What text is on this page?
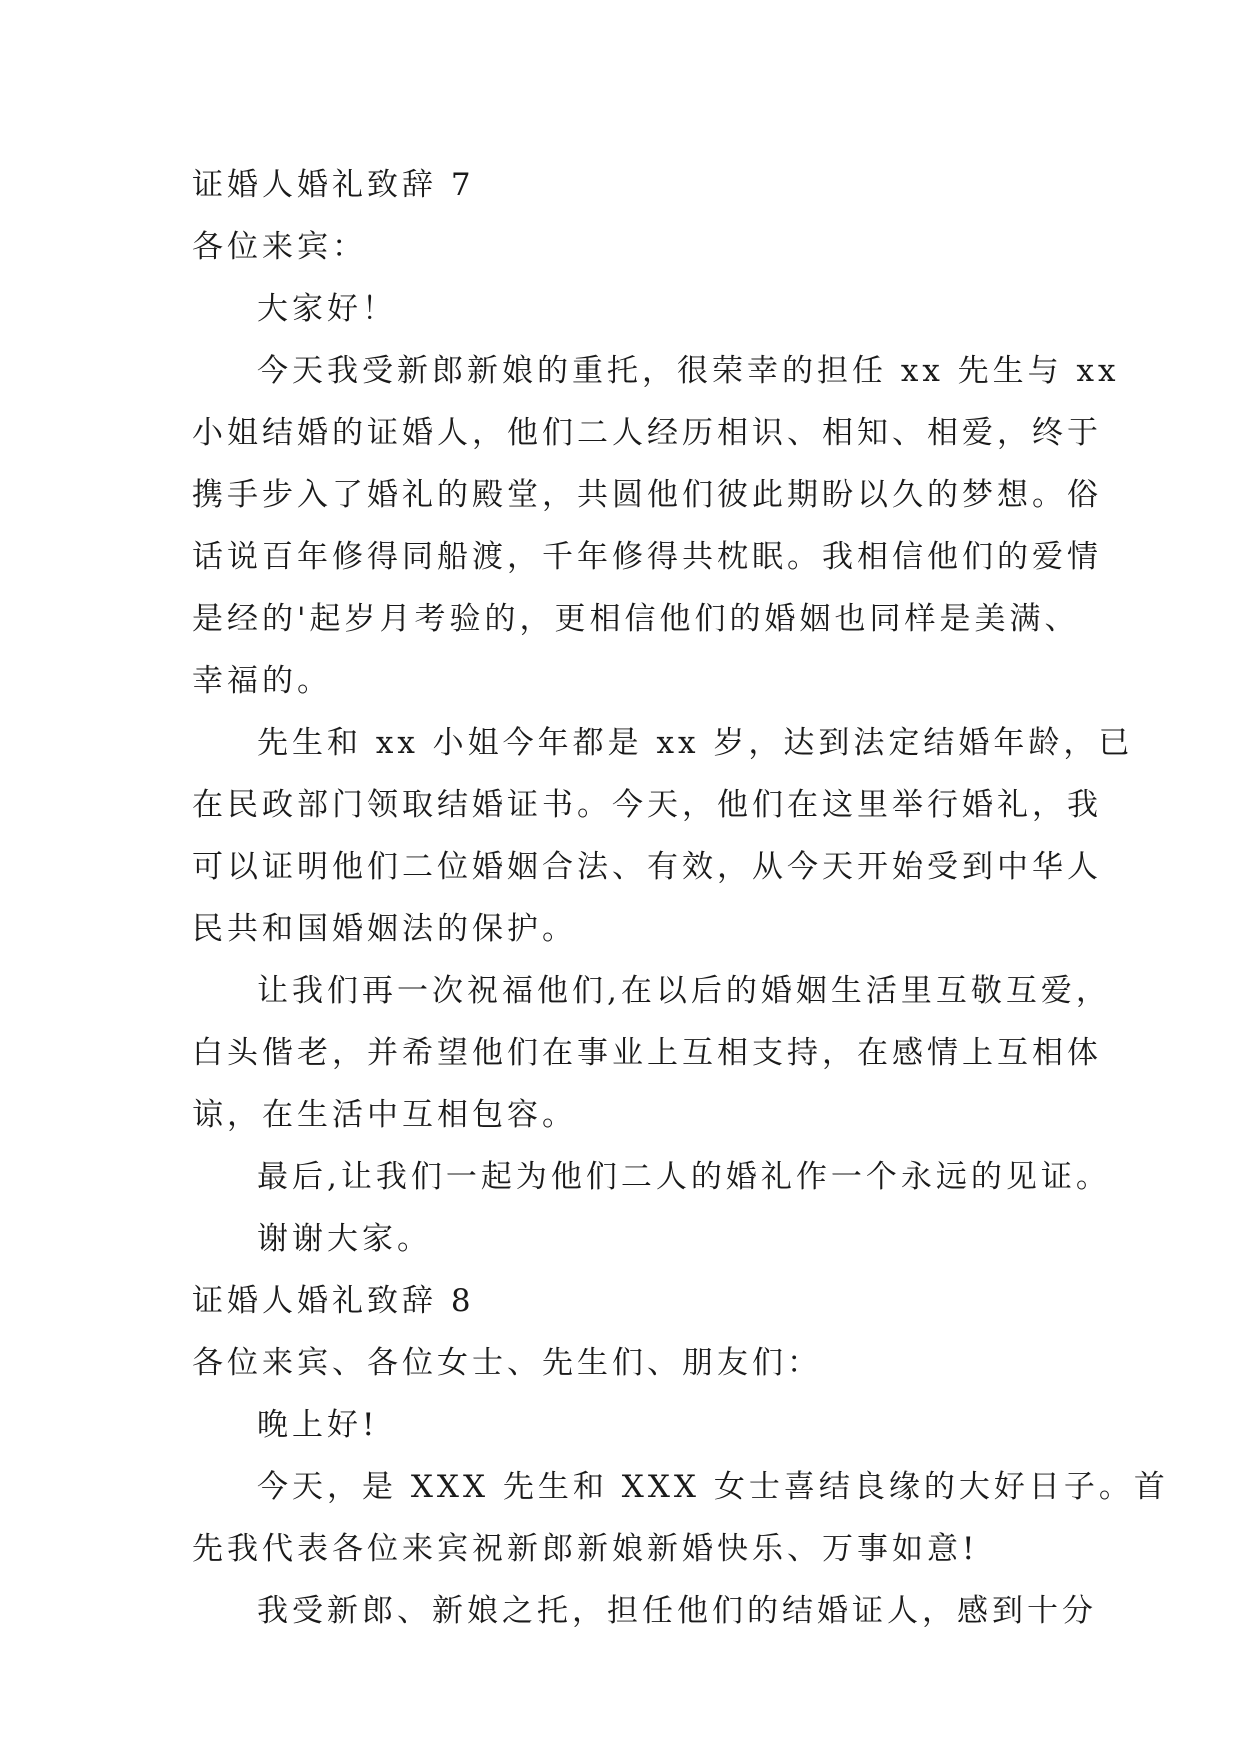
证婚人婚礼致辞 7
各位来宾：
大家好！
今天我受新郎新娘的重托，很荣幸的担任 xx 先生与 xx
小姐结婚的证婚人，他们二人经历相识、相知、相爱，终于
携手步入了婚礼的殿堂，共圆他们彼此期盼以久的梦想。俗
话说百年修得同船渡，千年修得共枕眠。我相信他们的爱情
是经的'起岁月考验的，更相信他们的婚姻也同样是美满、
幸福的。
先生和 xx 小姐今年都是 xx 岁，达到法定结婚年龄，已
在民政部门领取结婚证书。今天，他们在这里举行婚礼，我
可以证明他们二位婚姻合法、有效，从今天开始受到中华人
民共和国婚姻法的保护。
让我们再一次祝福他们,在以后的婚姻生活里互敬互爱，
白头偕老，并希望他们在事业上互相支持，在感情上互相体
谅，在生活中互相包容。
最后,让我们一起为他们二人的婚礼作一个永远的见证。
谢谢大家。
证婚人婚礼致辞 8
各位来宾、各位女士、先生们、朋友们：
晚上好!
今天，是 XXX 先生和 XXX 女士喜结良缘的大好日子。首
先我代表各位来宾祝新郎新娘新婚快乐、万事如意!
我受新郎、新娘之托，担任他们的结婚证人，感到十分
